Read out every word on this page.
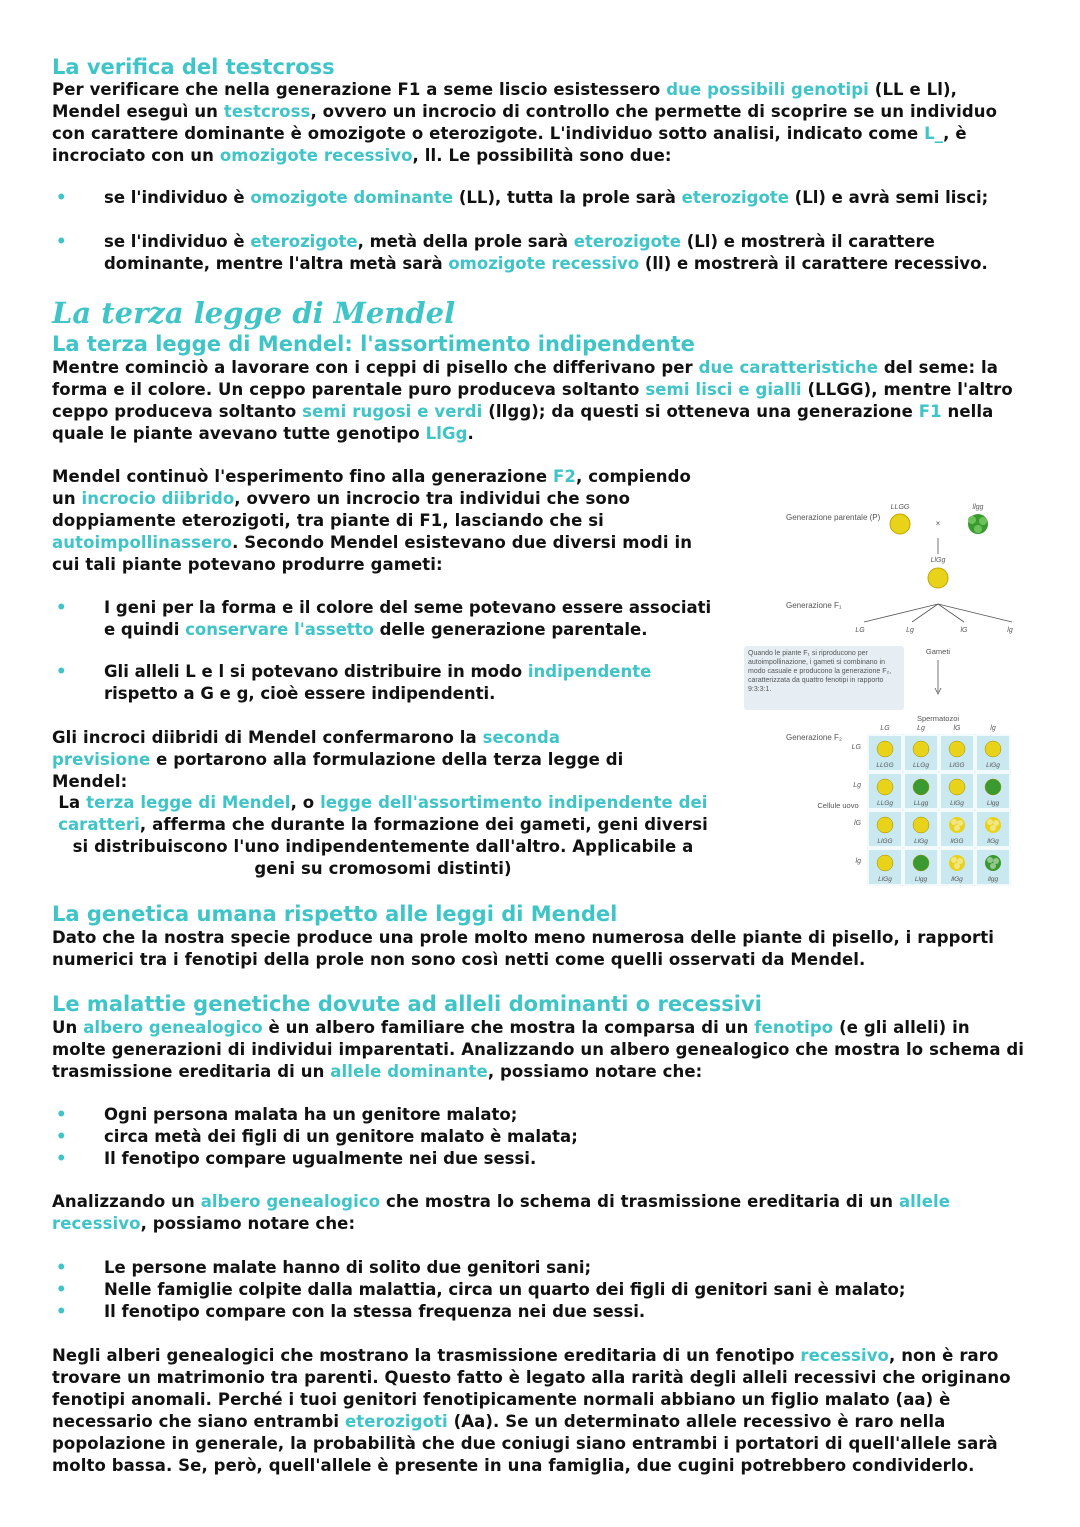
La verifica del testcross
Per verificare che nella generazione F1 a seme liscio esistessero due possibili genotipi (LL e Ll), Mendel eseguì un testcross, ovvero un incrocio di controllo che permette di scoprire se un individuo con carattere dominante è omozigote o eterozigote. L'individuo sotto analisi, indicato come L_, è incrociato con un omozigote recessivo, ll. Le possibilità sono due:
• se l'individuo è omozigote dominante (LL), tutta la prole sarà eterozigote (Ll) e avrà semi lisci;
• se l'individuo è eterozigote, metà della prole sarà eterozigote (Ll) e mostrerà il carattere dominante, mentre l'altra metà sarà omozigote recessivo (ll) e mostrerà il carattere recessivo.
La terza legge di Mendel
La terza legge di Mendel: l'assortimento indipendente
Mentre cominciò a lavorare con i ceppi di pisello che differivano per due caratteristiche del seme: la forma e il colore. Un ceppo parentale puro produceva soltanto semi lisci e gialli (LLGG), mentre l'altro ceppo produceva soltanto semi rugosi e verdi (llgg); da questi si otteneva una generazione F1 nella quale le piante avevano tutte genotipo LlGg.
Mendel continuò l'esperimento fino alla generazione F2, compiendo un incrocio diibrido, ovvero un incrocio tra individui che sono doppiamente eterozigoti, tra piante di F1, lasciando che si autoimpollinassero. Secondo Mendel esistevano due diversi modi in cui tali piante potevano produrre gameti:
• I geni per la forma e il colore del seme potevano essere associati e quindi conservare l'assetto delle generazione parentale.
• Gli alleli L e l si potevano distribuire in modo indipendente rispetto a G e g, cioè essere indipendenti.
Gli incroci diibridi di Mendel confermarono la seconda previsione e portarono alla formulazione della terza legge di Mendel:
La terza legge di Mendel, o legge dell'assortimento indipendente dei caratteri, afferma che durante la formazione dei gameti, geni diversi si distribuiscono l'uno indipendentemente dall'altro. Applicabile a geni su cromosomi distinti)
Generazione parentale (P)
LLGG	llgg
×
LlGg
Generazione F₁
LG	Lg	lG	lg
Quando le piante F₁ si riproducono per autoimpollinazione, i gameti si combinano in modo casuale e producono la generazione F₂, caratterizzata da quattro fenotipi in rapporto 9:3:3:1.
Gameti
Spermatozoi
Generazione F₂
Cellule uovo
LG	Lg	lG	lg
LG
Lg
lG
lg
LLGG	LLGg	LlGG	LlGg
LLGg	LLgg	LlGg	Llgg
LlGG	LlGg	llGG	llGg
LlGg	Llgg	llGg	llgg
La genetica umana rispetto alle leggi di Mendel
Dato che la nostra specie produce una prole molto meno numerosa delle piante di pisello, i rapporti numerici tra i fenotipi della prole non sono così netti come quelli osservati da Mendel.
Le malattie genetiche dovute ad alleli dominanti o recessivi
Un albero genealogico è un albero familiare che mostra la comparsa di un fenotipo (e gli alleli) in molte generazioni di individui imparentati. Analizzando un albero genealogico che mostra lo schema di trasmissione ereditaria di un allele dominante, possiamo notare che:
• Ogni persona malata ha un genitore malato;
• circa metà dei figli di un genitore malato è malata;
• Il fenotipo compare ugualmente nei due sessi.
Analizzando un albero genealogico che mostra lo schema di trasmissione ereditaria di un allele recessivo, possiamo notare che:
• Le persone malate hanno di solito due genitori sani;
• Nelle famiglie colpite dalla malattia, circa un quarto dei figli di genitori sani è malato;
• Il fenotipo compare con la stessa frequenza nei due sessi.
Negli alberi genealogici che mostrano la trasmissione ereditaria di un fenotipo recessivo, non è raro trovare un matrimonio tra parenti. Questo fatto è legato alla rarità degli alleli recessivi che originano fenotipi anomali. Perché i tuoi genitori fenotipicamente normali abbiano un figlio malato (aa) è necessario che siano entrambi eterozigoti (Aa). Se un determinato allele recessivo è raro nella popolazione in generale, la probabilità che due coniugi siano entrambi i portatori di quell'allele sarà molto bassa. Se, però, quell'allele è presente in una famiglia, due cugini potrebbero condividerlo.
